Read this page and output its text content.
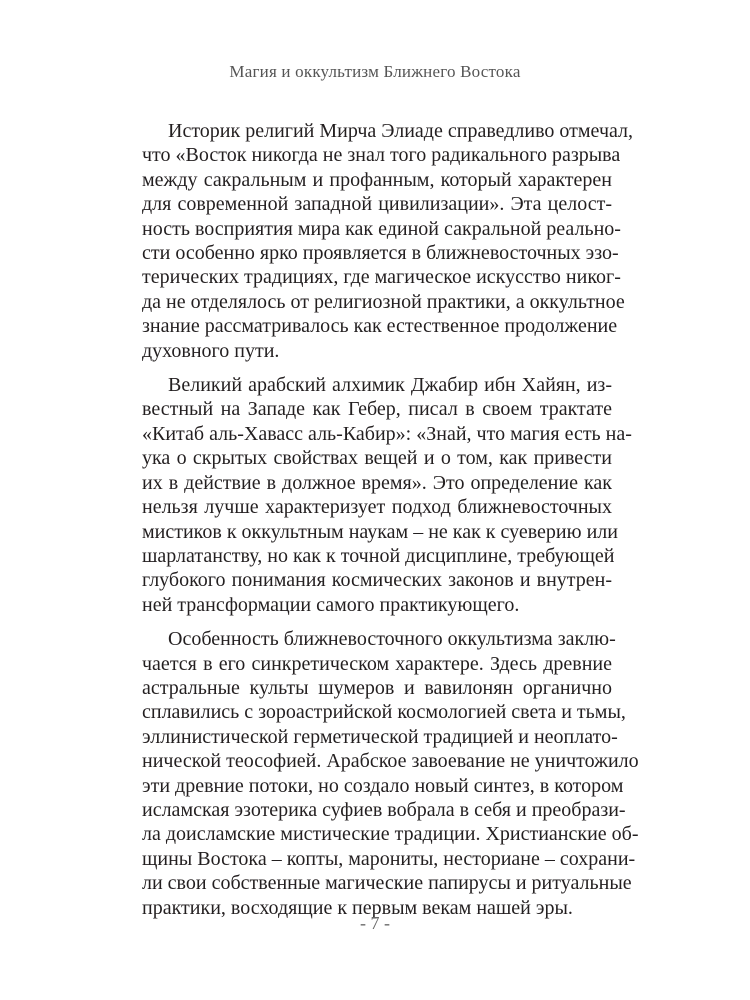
Магия и оккультизм Ближнего Востока

Историк религий Мирча Элиаде справедливо отмечал,
что «Восток никогда не знал того радикального разрыва
между сакральным и профанным, который характерен
для современной западной цивилизации». Эта целост-
ность восприятия мира как единой сакральной реально-
сти особенно ярко проявляется в ближневосточных эзо-
терических традициях, где магическое искусство никог-
да не отделялось от религиозной практики, а оккультное
знание рассматривалось как естественное продолжение
духовного пути.

Великий арабский алхимик Джабир ибн Хайян, из-
вестный на Западе как Гебер, писал в своем трактате
«Китаб аль-Хавасс аль-Кабир»: «Знай, что магия есть на-
ука о скрытых свойствах вещей и о том, как привести
их в действие в должное время». Это определение как
нельзя лучше характеризует подход ближневосточных
мистиков к оккультным наукам – не как к суеверию или
шарлатанству, но как к точной дисциплине, требующей
глубокого понимания космических законов и внутрен-
ней трансформации самого практикующего.

Особенность ближневосточного оккультизма заклю-
чается в его синкретическом характере. Здесь древние
астральные культы шумеров и вавилонян органично
сплавились с зороастрийской космологией света и тьмы,
эллинистической герметической традицией и неоплато-
нической теософией. Арабское завоевание не уничтожило
эти древние потоки, но создало новый синтез, в котором
исламская эзотерика суфиев вобрала в себя и преобрази-
ла доисламские мистические традиции. Христианские об-
щины Востока – копты, марониты, несториане – сохрани-
ли свои собственные магические папирусы и ритуальные
практики, восходящие к первым векам нашей эры.

- 7 -
